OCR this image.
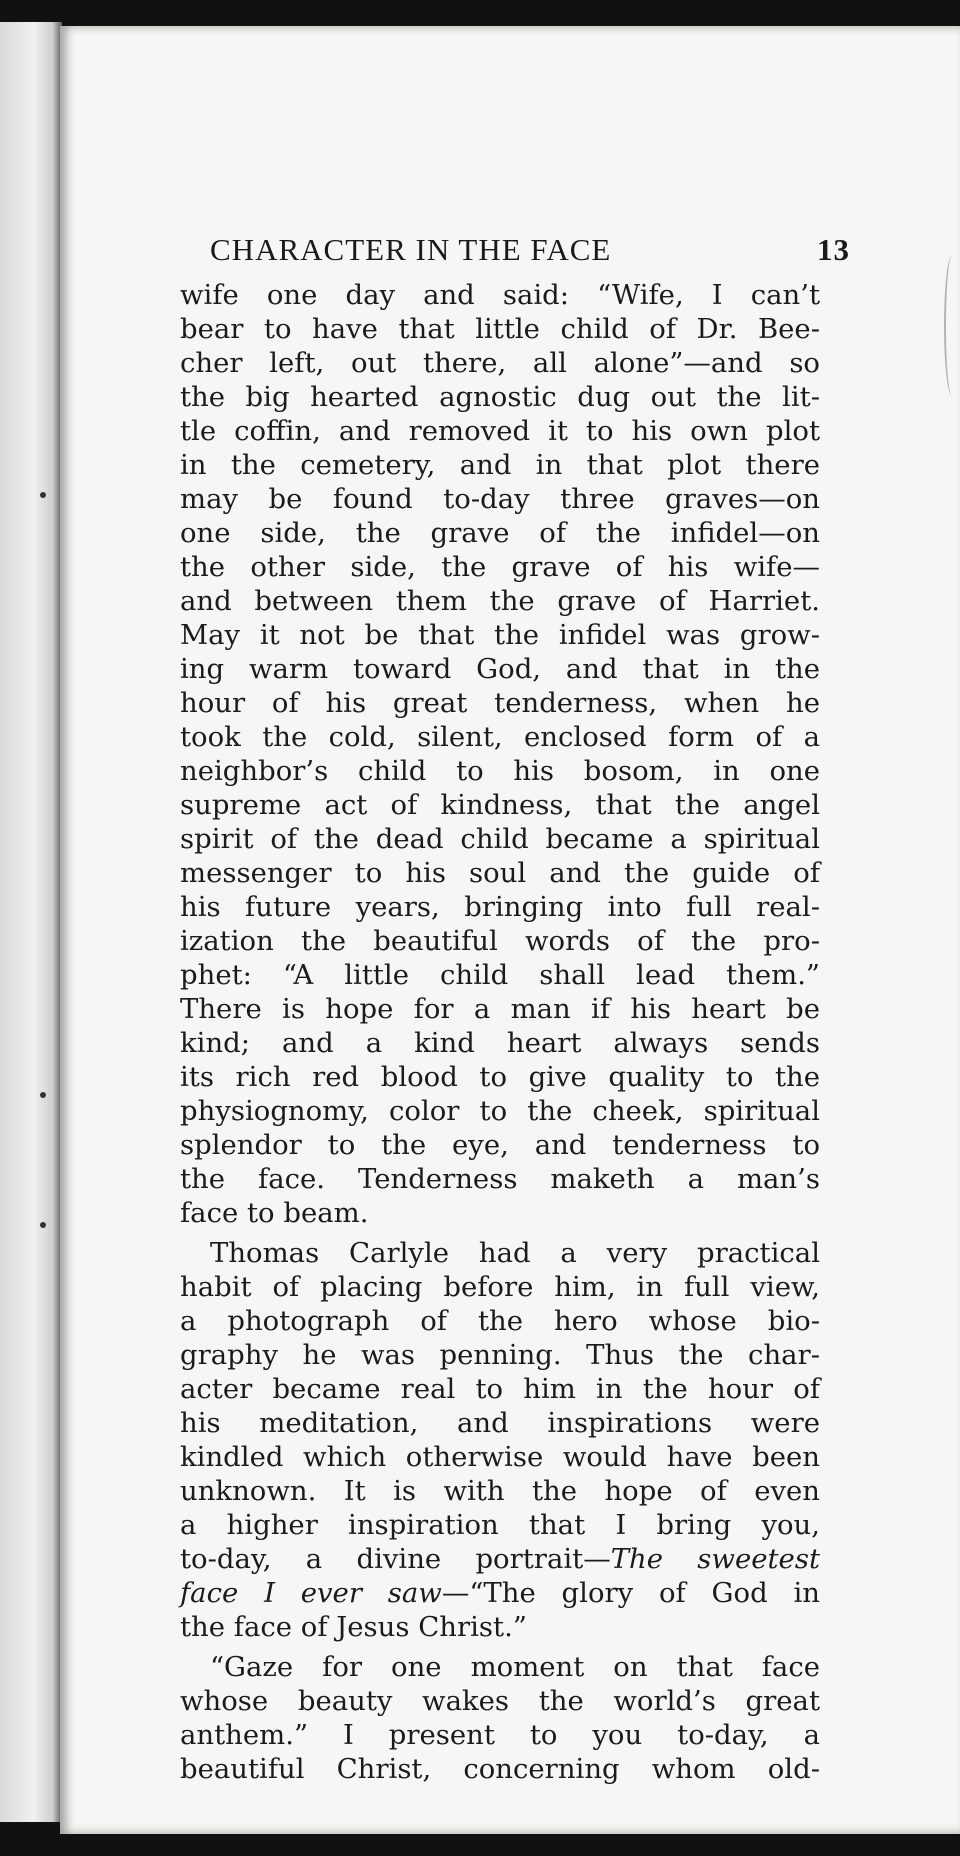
CHARACTER IN THE FACE	13
wife one day and said: “Wife, I can’t
bear to have that little child of Dr. Bee-
cher left, out there, all alone”—and so
the big hearted agnostic dug out the lit-
tle coffin, and removed it to his own plot
in the cemetery, and in that plot there
may be found to-day three graves—on
one side, the grave of the infidel—on
the other side, the grave of his wife—
and between them the grave of Harriet.
May it not be that the infidel was grow-
ing warm toward God, and that in the
hour of his great tenderness, when he
took the cold, silent, enclosed form of a
neighbor’s child to his bosom, in one
supreme act of kindness, that the angel
spirit of the dead child became a spiritual
messenger to his soul and the guide of
his future years, bringing into full real-
ization the beautiful words of the pro-
phet: “A little child shall lead them.”
There is hope for a man if his heart be
kind; and a kind heart always sends
its rich red blood to give quality to the
physiognomy, color to the cheek, spiritual
splendor to the eye, and tenderness to
the face. Tenderness maketh a man’s
face to beam.
Thomas Carlyle had a very practical
habit of placing before him, in full view,
a photograph of the hero whose bio-
graphy he was penning. Thus the char-
acter became real to him in the hour of
his meditation, and inspirations were
kindled which otherwise would have been
unknown. It is with the hope of even
a higher inspiration that I bring you,
to-day, a divine portrait—The sweetest
face I ever saw—“The glory of God in
the face of Jesus Christ.”
“Gaze for one moment on that face
whose beauty wakes the world’s great
anthem.” I present to you to-day, a
beautiful Christ, concerning whom old-
